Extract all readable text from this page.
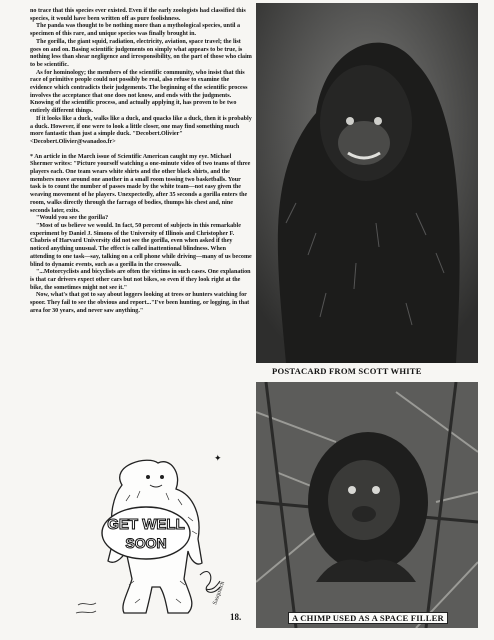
no trace that this species ever existed. Even if the early zoologists had classified this species, it would have been written off as pure foolishness.

The panda was thought to be nothing more than a mythological species, until a specimen of this rare, and unique species was finally brought in.

The gorilla, the giant squid, radiation, electricity, aviation, space travel; the list goes on and on. Basing scientific judgements on simply what appears to be true, is nothing less than shear negligence and irresponsibility, on the part of those who claim to be scientific.

As for hominology; the members of the scientific community, who insist that this race of primitive people could not possibly be real, also refuse to examine the evidence which contradicts their judgements. The beginning of the scientific process involves the acceptance that one does not know, and ends with the judgments. Knowing of the scientific process, and actually applying it, has proven to be two entirely different things.

If it looks like a duck, walks like a duck, and quacks like a duck, then it is probably a duck. However, if one were to look a little closer, one may find something much more fantastic than just a simple duck. "Decobert.Olivier" <Decobert.Olivier@wanadoo.fr>

* An article in the March issue of Scientific American caught my eye. Michael Shermer writes: "Picture yourself watching a one-minute video of two teams of three players each. One team wears white shirts and the other black shirts, and the members move around one another in a small room tossing two basketballs. Your task is to count the number of passes made by the white team—not easy given the weaving movement of he players. Unexpectedly, after 35 seconds a gorilla enters the room, walks directly through the farrago of bodies, thumps his chest and, nine seconds later, exits.

"Would you see the gorilla?

"Most of us believe we would. In fact, 50 percent of subjects in this remarkable experiment by Daniel J. Simons of the University of Illinois and Christopher F. Chabris of Harvard University did not see the gorilla, even when asked if they noticed anything unusual. The effect is called inattentional blindness. When attending to one task—say, talking on a cell phone while driving—many of us become blind to dynamic events, such as a gorilla in the crosswalk.

"...Motorcyclists and bicyclists are often the victims in such cases. One explanation is that car drivers expect other cars but not bikes, so even if they look right at the bike, the sometimes might not see it."

Now, what's that got to say about loggers looking at trees or hunters watching for spoor. They fail to see the obvious and report..."I've been hunting, or logging, in that area for 30 years, and never saw anything."

GET WELL
SOON
Sasquatch
✦
18.
POSTACARD FROM SCOTT WHITE
A CHIMP USED AS A SPACE FILLER
